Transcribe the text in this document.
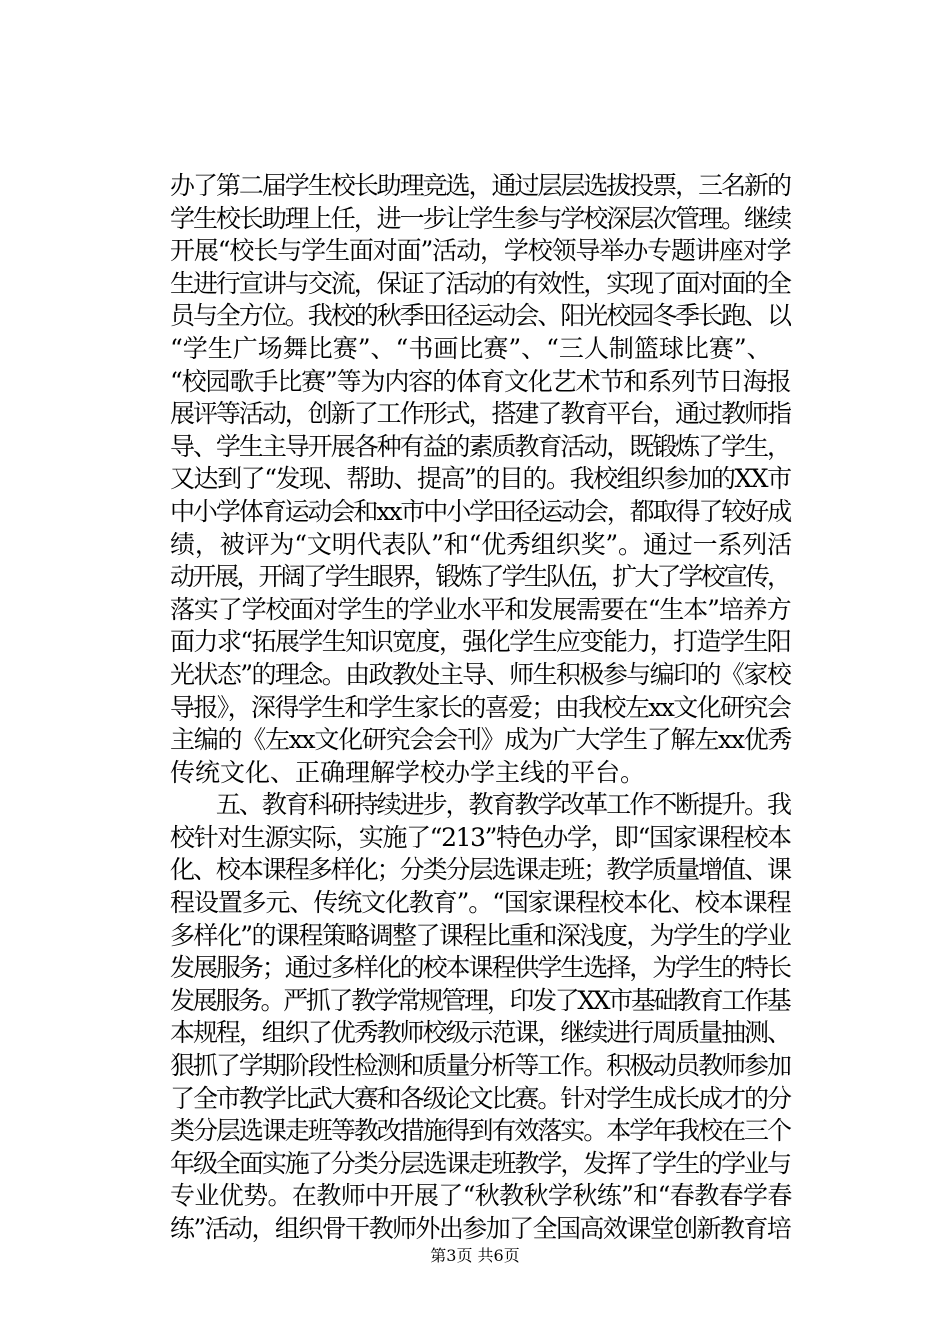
办了第二届学生校长助理竞选，通过层层选拔投票，三名新的
学生校长助理上任，进一步让学生参与学校深层次管理。继续
开展“校长与学生面对面”活动，学校领导举办专题讲座对学
生进行宣讲与交流，保证了活动的有效性，实现了面对面的全
员与全方位。我校的秋季田径运动会、阳光校园冬季长跑、以
“学生广场舞比赛”、“书画比赛”、“三人制篮球比赛”、
“校园歌手比赛”等为内容的体育文化艺术节和系列节日海报
展评等活动，创新了工作形式，搭建了教育平台，通过教师指
导、学生主导开展各种有益的素质教育活动，既锻炼了学生，
又达到了“发现、帮助、提高”的目的。我校组织参加的XX市
中小学体育运动会和xx市中小学田径运动会，都取得了较好成
绩，被评为“文明代表队”和“优秀组织奖”。通过一系列活
动开展，开阔了学生眼界，锻炼了学生队伍，扩大了学校宣传，
落实了学校面对学生的学业水平和发展需要在“生本”培养方
面力求“拓展学生知识宽度，强化学生应变能力，打造学生阳
光状态”的理念。由政教处主导、师生积极参与编印的《家校
导报》，深得学生和学生家长的喜爱；由我校左xx文化研究会
主编的《左xx文化研究会会刊》成为广大学生了解左xx优秀
传统文化、正确理解学校办学主线的平台。
　　五、教育科研持续进步，教育教学改革工作不断提升。我
校针对生源实际，实施了“213”特色办学，即“国家课程校本
化、校本课程多样化；分类分层选课走班；教学质量增值、课
程设置多元、传统文化教育”。“国家课程校本化、校本课程
多样化”的课程策略调整了课程比重和深浅度，为学生的学业
发展服务；通过多样化的校本课程供学生选择，为学生的特长
发展服务。严抓了教学常规管理，印发了XX市基础教育工作基
本规程，组织了优秀教师校级示范课，继续进行周质量抽测、
狠抓了学期阶段性检测和质量分析等工作。积极动员教师参加
了全市教学比武大赛和各级论文比赛。针对学生成长成才的分
类分层选课走班等教改措施得到有效落实。本学年我校在三个
年级全面实施了分类分层选课走班教学，发挥了学生的学业与
专业优势。在教师中开展了“秋教秋学秋练”和“春教春学春
练”活动，组织骨干教师外出参加了全国高效课堂创新教育培
第3页 共6页
